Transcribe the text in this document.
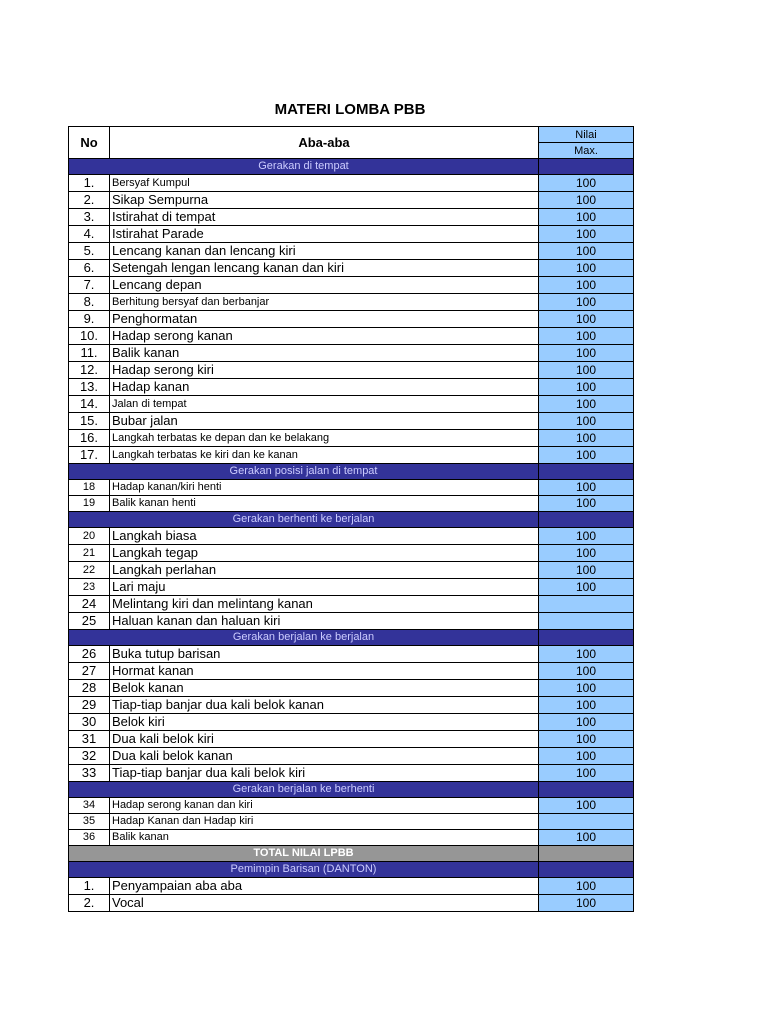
MATERI LOMBA PBB
No	Aba-aba	Nilai
		Max.
Gerakan di tempat		
1.	Bersyaf Kumpul	100
2.	Sikap Sempurna	100
3.	Istirahat di tempat	100
4.	Istirahat Parade	100
5.	Lencang kanan dan lencang kiri	100
6.	Setengah lengan lencang kanan dan kiri	100
7.	Lencang depan	100
8.	Berhitung bersyaf dan berbanjar	100
9.	Penghormatan	100
10.	Hadap serong kanan	100
11.	Balik kanan	100
12.	Hadap serong kiri	100
13.	Hadap kanan	100
14.	Jalan di tempat	100
15.	Bubar jalan	100
16.	Langkah terbatas ke depan dan ke belakang	100
17.	Langkah terbatas ke kiri dan ke kanan	100
Gerakan posisi jalan di tempat		
18	Hadap kanan/kiri henti	100
19	Balik kanan henti	100
Gerakan berhenti ke berjalan		
20	Langkah biasa	100
21	Langkah tegap	100
22	Langkah perlahan	100
23	Lari maju	100
24	Melintang kiri dan melintang kanan	
25	Haluan kanan dan haluan kiri	
Gerakan berjalan ke berjalan		
26	Buka tutup barisan	100
27	Hormat kanan	100
28	Belok kanan	100
29	Tiap-tiap banjar dua kali belok kanan	100
30	Belok kiri	100
31	Dua kali belok kiri	100
32	Dua kali belok kanan	100
33	Tiap-tiap banjar dua kali belok kiri	100
Gerakan berjalan ke berhenti		
34	Hadap serong kanan dan kiri	100
35	Hadap Kanan dan Hadap kiri	
36	Balik kanan	100
TOTAL NILAI LPBB		
Pemimpin Barisan (DANTON)		
1.	Penyampaian aba aba	100
2.	Vocal	100
